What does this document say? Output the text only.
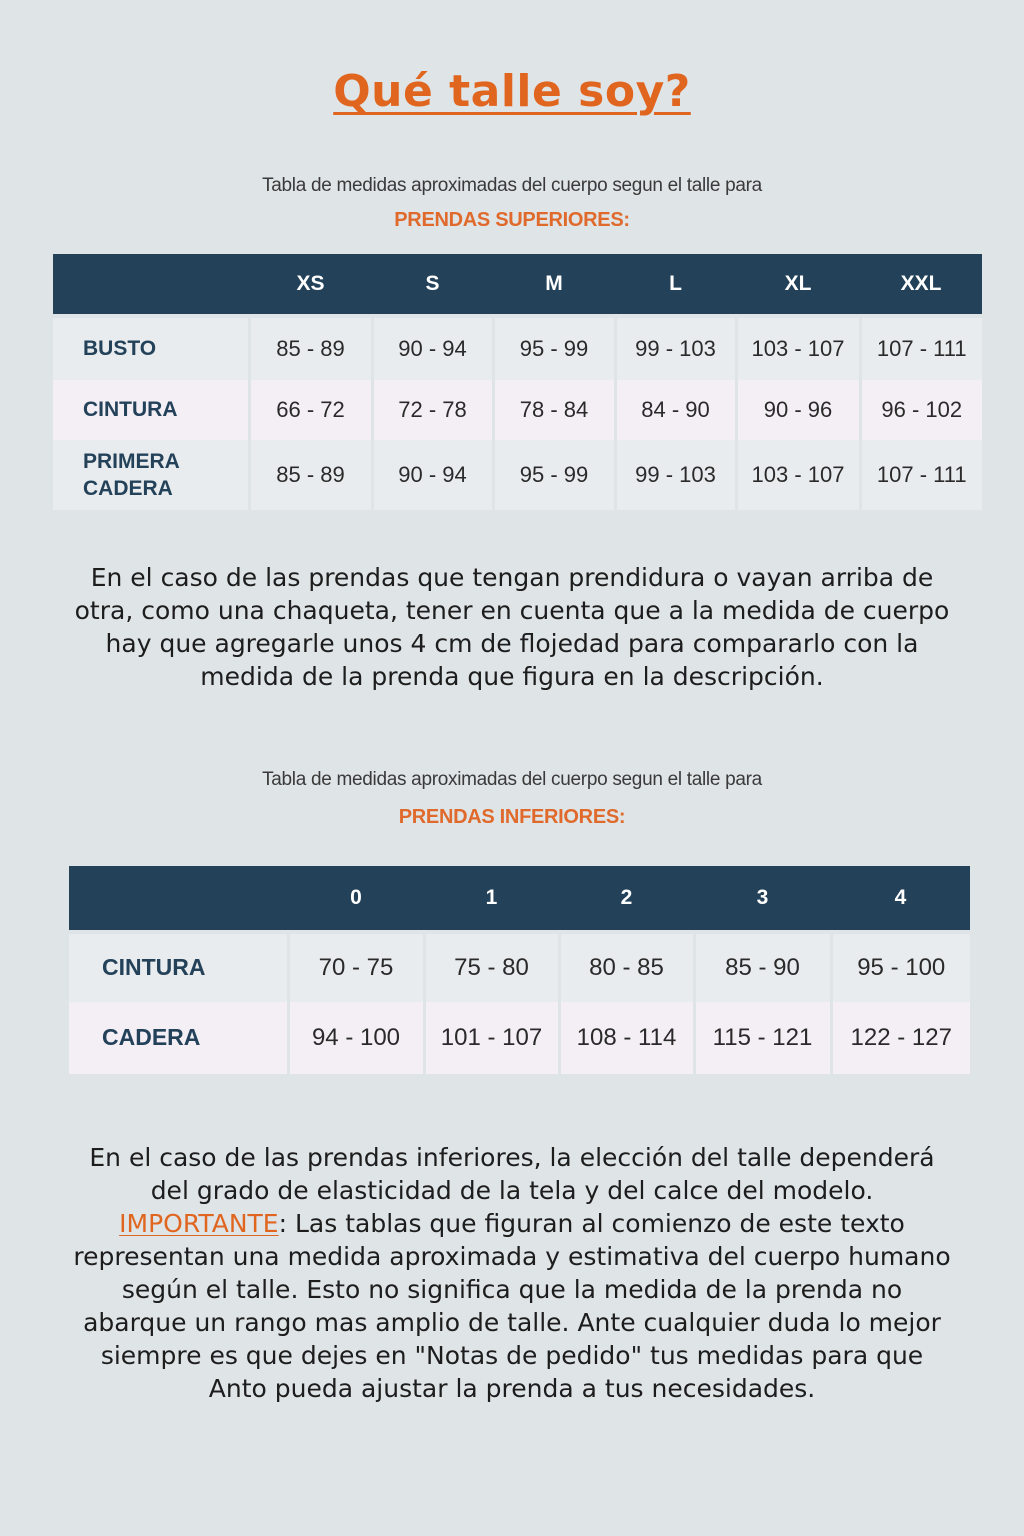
Qué talle soy?
Tabla de medidas aproximadas del cuerpo segun el talle para
PRENDAS SUPERIORES:
	XS	S	M	L	XL	XXL

BUSTO	85 - 89	90 - 94	95 - 99	99 - 103	103 - 107	107 - 111
CINTURA	66 - 72	72 - 78	78 - 84	84 - 90	90 - 96	96 - 102
PRIMERA
CADERA	85 - 89	90 - 94	95 - 99	99 - 103	103 - 107	107 - 111
En el caso de las prendas que tengan prendidura o vayan arriba de otra, como una chaqueta, tener en cuenta que a la medida de cuerpo hay que agregarle unos 4 cm de flojedad para compararlo con la medida de la prenda que figura en la descripción.
Tabla de medidas aproximadas del cuerpo segun el talle para
PRENDAS INFERIORES:
	0	1	2	3	4

CINTURA	70 - 75	75 - 80	80 - 85	85 - 90	95 - 100
CADERA	94 - 100	101 - 107	108 - 114	115 - 121	122 - 127
En el caso de las prendas inferiores, la elección del talle dependerá del grado de elasticidad de la tela y del calce del modelo.
IMPORTANTE: Las tablas que figuran al comienzo de este texto representan una medida aproximada y estimativa del cuerpo humano según el talle. Esto no significa que la medida de la prenda no abarque un rango mas amplio de talle. Ante cualquier duda lo mejor siempre es que dejes en "Notas de pedido" tus medidas para que Anto pueda ajustar la prenda a tus necesidades.
